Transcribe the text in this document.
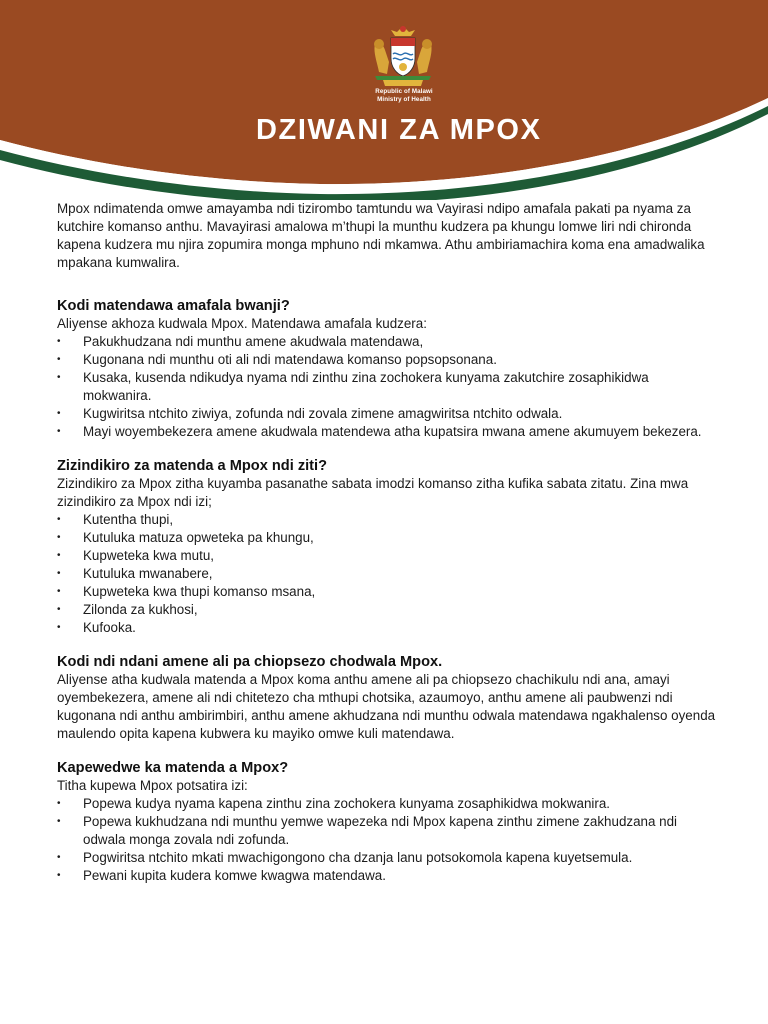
Republic of Malawi
Ministry of Health
DZIWANI ZA MPOX

Mpox ndimatenda omwe amayamba ndi tizirombo tamtundu wa Vayirasi ndipo amafala pakati pa nyama za kutchire komanso anthu. Mavayirasi amalowa m’thupi la munthu kudzera pa khungu lomwe liri ndi chironda kapena kudzera mu njira zopumira monga mphuno ndi mkamwa. Athu ambiriamachira koma ena amadwalika mpakana kumwalira.

Kodi matendawa amafala bwanji?

Aliyense akhoza kudwala Mpox. Matendawa amafala kudzera:

• Pakukhudzana ndi munthu amene akudwala matendawa,
• Kugonana ndi munthu oti ali ndi matendawa komanso popsopsonana.
• Kusaka, kusenda ndikudya nyama ndi zinthu zina zochokera kunyama zakutchire zosaphikidwa mokwanira.
• Kugwiritsa ntchito ziwiya, zofunda ndi zovala zimene amagwiritsa ntchito odwala.
• Mayi woyembekezera amene akudwala matendewa atha kupatsira mwana amene akumuyem bekezera.
Zizindikiro za matenda a Mpox ndi ziti?

Zizindikiro za Mpox zitha kuyamba pasanathe sabata imodzi komanso zitha kufika sabata zitatu. Zina mwa zizindikiro za Mpox ndi izi;

• Kutentha thupi,
• Kutuluka matuza opweteka pa khungu,
• Kupweteka kwa mutu,
• Kutuluka mwanabere,
• Kupweteka kwa thupi komanso msana,
• Zilonda za kukhosi,
• Kufooka.
Kodi ndi ndani amene ali pa chiopsezo chodwala Mpox.

Aliyense atha kudwala matenda a Mpox koma anthu amene ali pa chiopsezo chachikulu ndi ana, amayi oyembekezera, amene ali ndi chitetezo cha mthupi chotsika, azaumoyo, anthu amene ali paubwenzi ndi kugonana ndi anthu ambirimbiri, anthu amene akhudzana ndi munthu odwala matendawa ngakhalenso oyenda maulendo opita kapena kubwera ku mayiko omwe kuli matendawa.

Kapewedwe ka matenda a Mpox?

Titha kupewa Mpox potsatira izi:

• Popewa kudya nyama kapena zinthu zina zochokera kunyama zosaphikidwa mokwanira.
• Popewa kukhudzana ndi munthu yemwe wapezeka ndi Mpox kapena zinthu zimene zakhudzana ndi odwala monga zovala ndi zofunda.
• Pogwiritsa ntchito mkati mwachigongono cha dzanja lanu potsokomola kapena kuyetsemula.
• Pewani kupita kudera komwe kwagwa matendawa.
